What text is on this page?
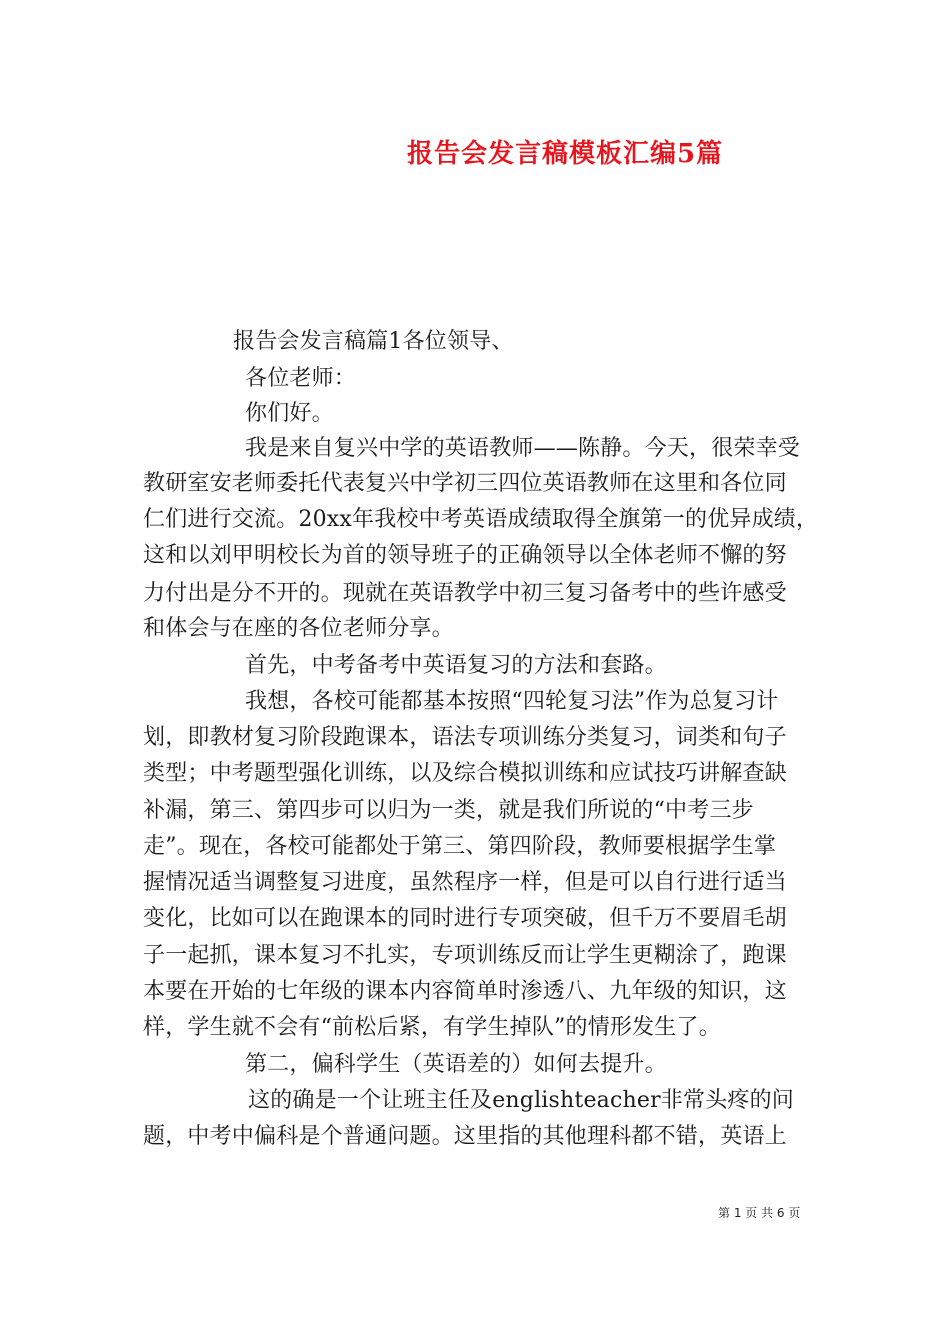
报告会发言稿模板汇编5篇
报告会发言稿篇1各位领导、
各位老师：
你们好。
我是来自复兴中学的英语教师——陈静。今天，很荣幸受
教研室安老师委托代表复兴中学初三四位英语教师在这里和各位同
仁们进行交流。20xx年我校中考英语成绩取得全旗第一的优异成绩，
这和以刘甲明校长为首的领导班子的正确领导以全体老师不懈的努
力付出是分不开的。现就在英语教学中初三复习备考中的些许感受
和体会与在座的各位老师分享。
首先，中考备考中英语复习的方法和套路。
我想，各校可能都基本按照“四轮复习法”作为总复习计
划，即教材复习阶段跑课本，语法专项训练分类复习，词类和句子
类型；中考题型强化训练，以及综合模拟训练和应试技巧讲解查缺
补漏，第三、第四步可以归为一类，就是我们所说的“中考三步
走”。现在，各校可能都处于第三、第四阶段，教师要根据学生掌
握情况适当调整复习进度，虽然程序一样，但是可以自行进行适当
变化，比如可以在跑课本的同时进行专项突破，但千万不要眉毛胡
子一起抓，课本复习不扎实，专项训练反而让学生更糊涂了，跑课
本要在开始的七年级的课本内容简单时渗透八、九年级的知识，这
样，学生就不会有“前松后紧，有学生掉队”的情形发生了。
第二，偏科学生（英语差的）如何去提升。
这的确是一个让班主任及englishteacher非常头疼的问
题，中考中偏科是个普通问题。这里指的其他理科都不错，英语上
第 1 页 共 6 页
